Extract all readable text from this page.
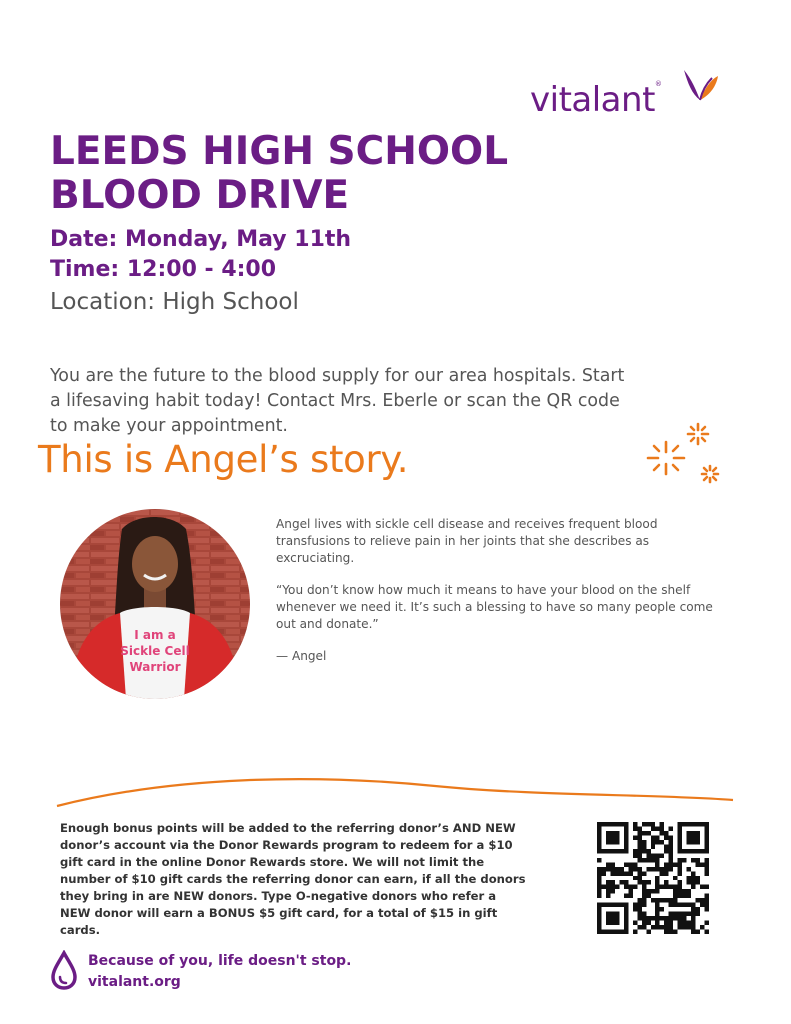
vitalant®
LEEDS HIGH SCHOOL BLOOD DRIVE
Date: Monday, May 11th
Time: 12:00 - 4:00
Location: High School

You are the future to the blood supply for our area hospitals. Start a lifesaving habit today! Contact Mrs. Eberle or scan the QR code to make your appointment.

This is Angel’s story.
I am a
Sickle Cell
Warrior

Angel lives with sickle cell disease and receives frequent blood transfusions to relieve pain in her joints that she describes as excruciating.

“You don’t know how much it means to have your blood on the shelf whenever we need it. It’s such a blessing to have so many people come out and donate.”

— Angel

Enough bonus points will be added to the referring donor’s AND NEW donor’s account via the Donor Rewards program to redeem for a $10 gift card in the online Donor Rewards store. We will not limit the number of $10 gift cards the referring donor can earn, if all the donors they bring in are NEW donors. Type O-negative donors who refer a NEW donor will earn a BONUS $5 gift card, for a total of $15 in gift cards.

Because of you, life doesn't stop.
vitalant.org
